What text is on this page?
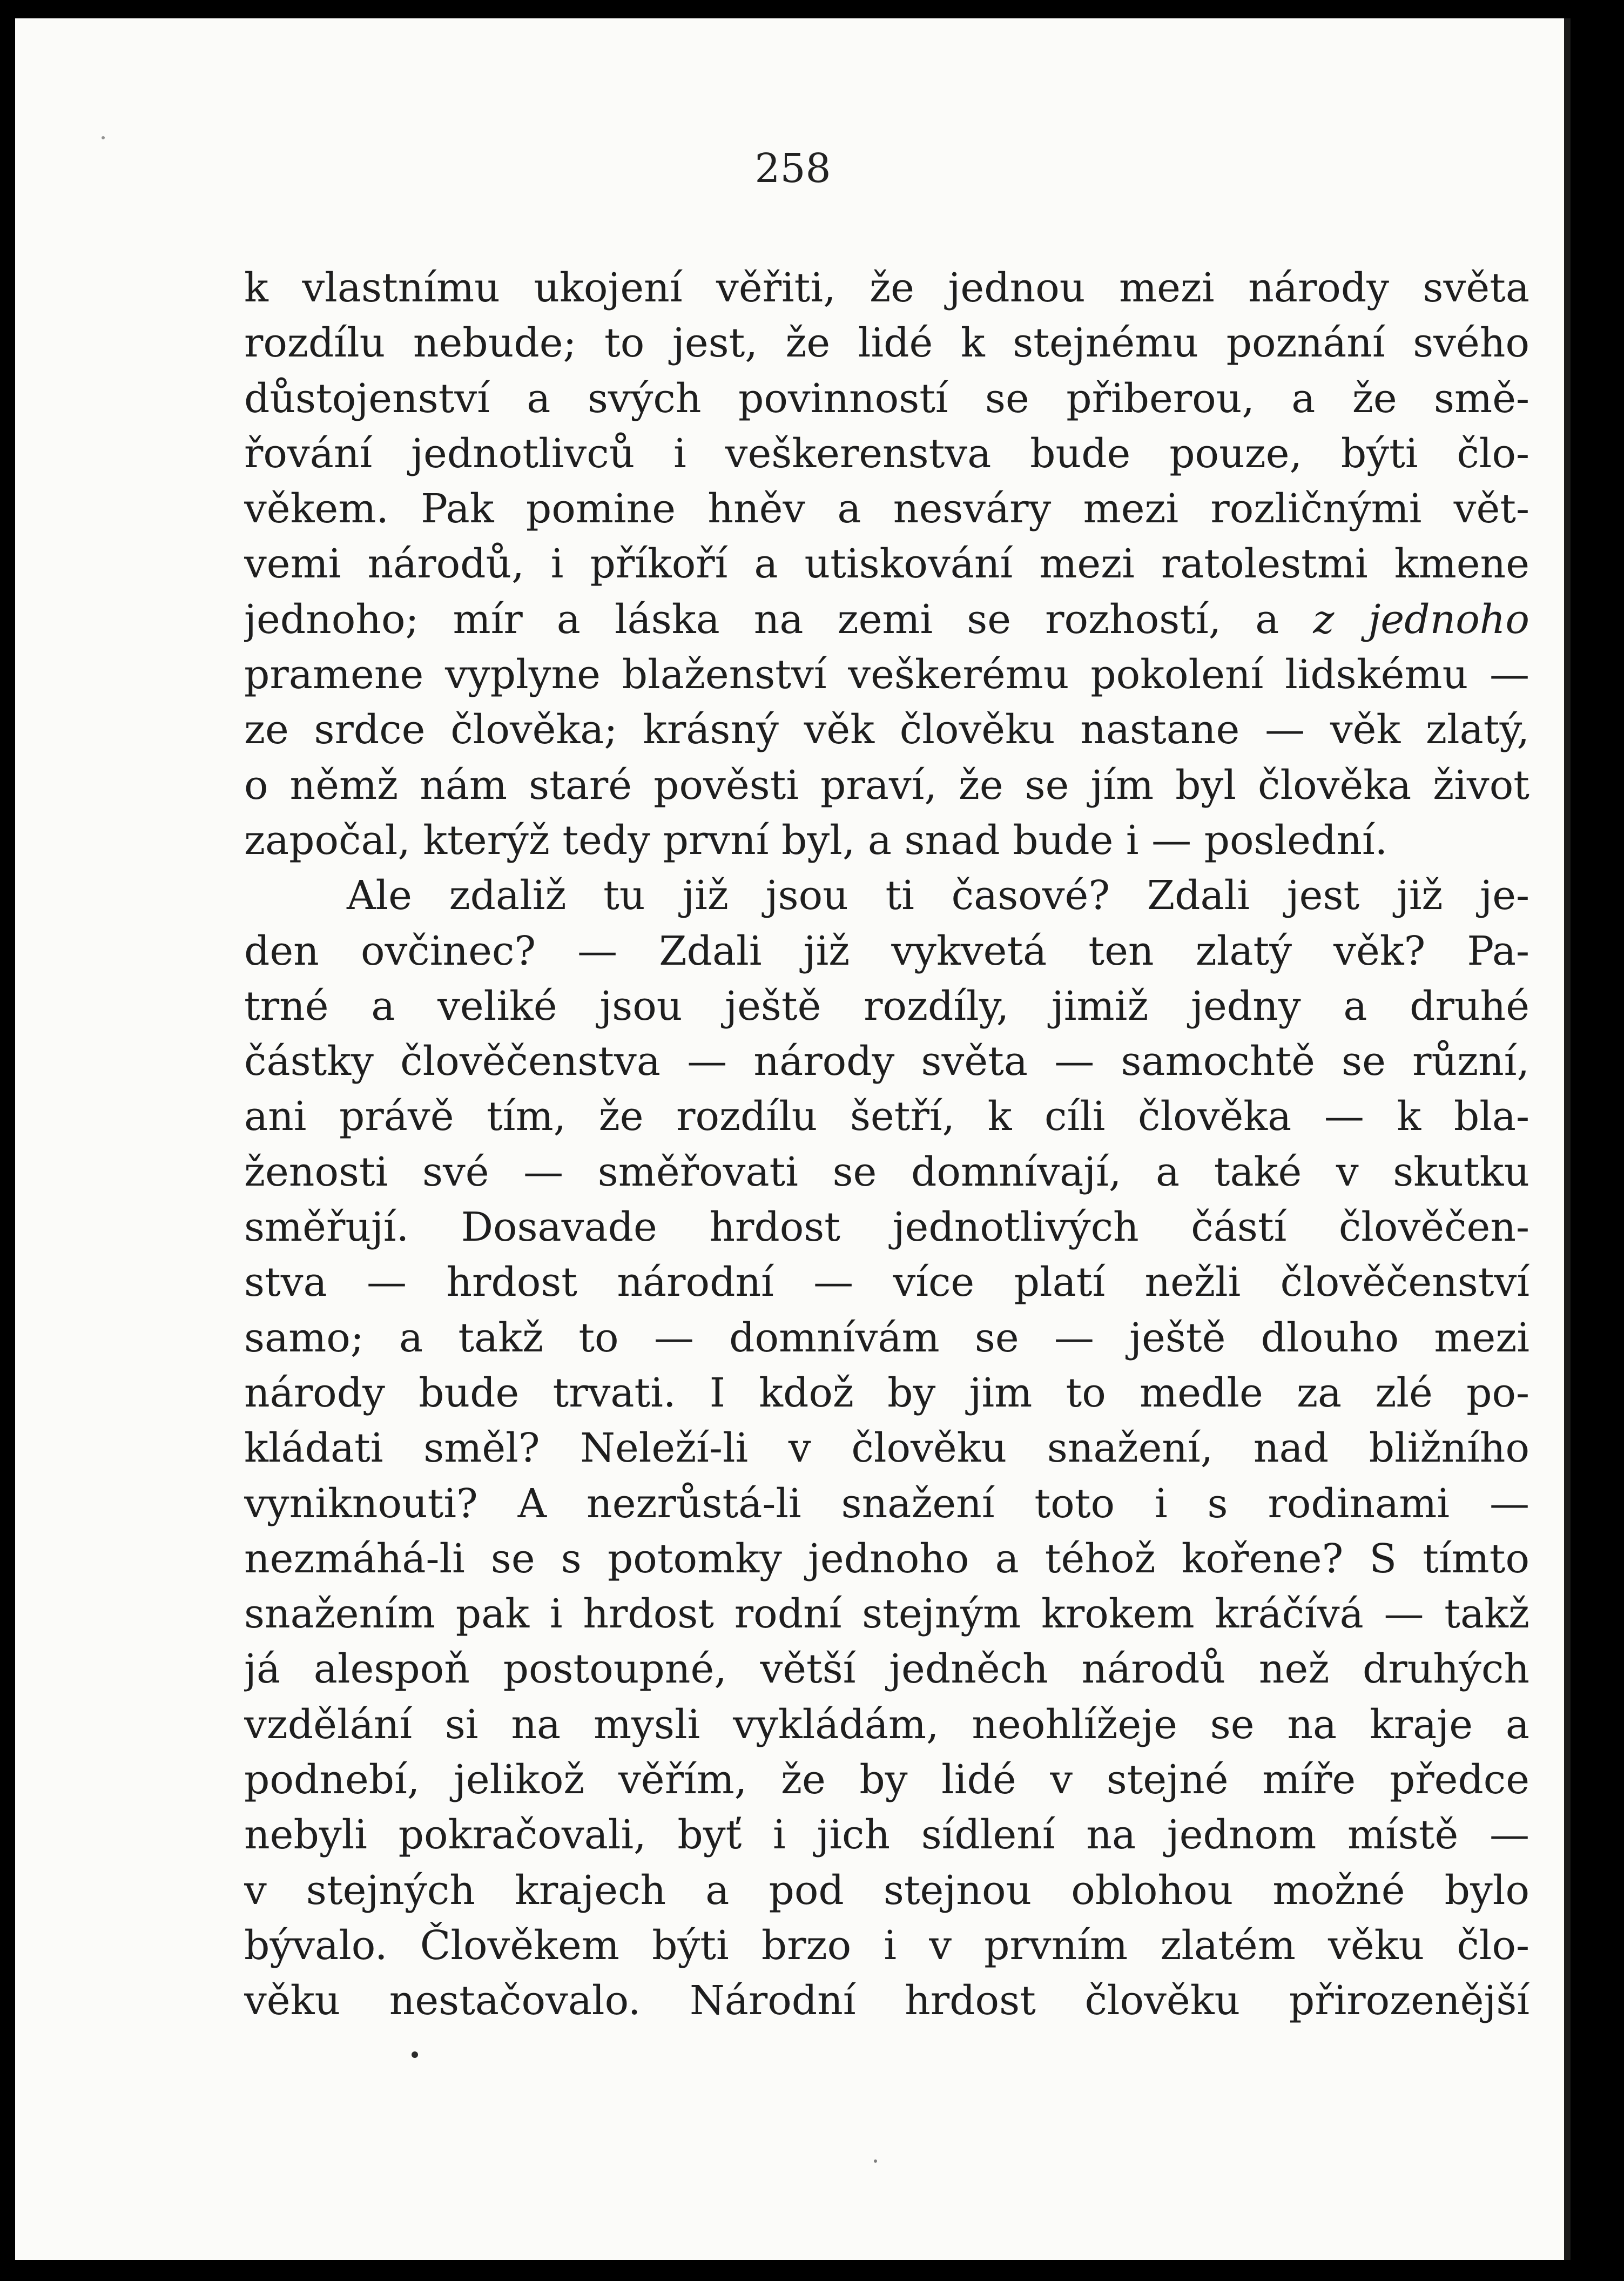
258
k vlastnímu ukojení věřiti, že jednou mezi národy světa
rozdílu nebude; to jest, že lidé k stejnému poznání svého
důstojenství a svých povinností se přiberou, a že smě-
řování jednotlivců i veškerenstva bude pouze, býti člo-
věkem. Pak pomine hněv a nesváry mezi rozličnými vět-
vemi národů, i příkoří a utiskování mezi ratolestmi kmene
jednoho; mír a láska na zemi se rozhostí, a z jednoho
pramene vyplyne blaženství veškerému pokolení lidskému —
ze srdce člověka; krásný věk člověku nastane — věk zlatý,
o němž nám staré pověsti praví, že se jím byl člověka život
započal, kterýž tedy první byl, a snad bude i — poslední.
Ale zdaliž tu již jsou ti časové? Zdali jest již je-
den ovčinec? — Zdali již vykvetá ten zlatý věk? Pa-
trné a veliké jsou ještě rozdíly, jimiž jedny a druhé
částky člověčenstva — národy světa — samochtě se různí,
ani právě tím, že rozdílu šetří, k cíli člověka — k bla-
ženosti své — směřovati se domnívají, a také v skutku
směřují. Dosavade hrdost jednotlivých částí člověčen-
stva — hrdost národní — více platí nežli člověčenství
samo; a takž to — domnívám se — ještě dlouho mezi
národy bude trvati. I kdož by jim to medle za zlé po-
kládati směl? Neleží-li v člověku snažení, nad bližního
vyniknouti? A nezrůstá-li snažení toto i s rodinami —
nezmáhá-li se s potomky jednoho a téhož kořene? S tímto
snažením pak i hrdost rodní stejným krokem kráčívá — takž
já alespoň postoupné, větší jedněch národů než druhých
vzdělání si na mysli vykládám, neohlížeje se na kraje a
podnebí, jelikož věřím, že by lidé v stejné míře předce
nebyli pokračovali, byť i jich sídlení na jednom místě —
v stejných krajech a pod stejnou oblohou možné bylo
bývalo. Člověkem býti brzo i v prvním zlatém věku člo-
věku nestačovalo. Národní hrdost člověku přirozenější
